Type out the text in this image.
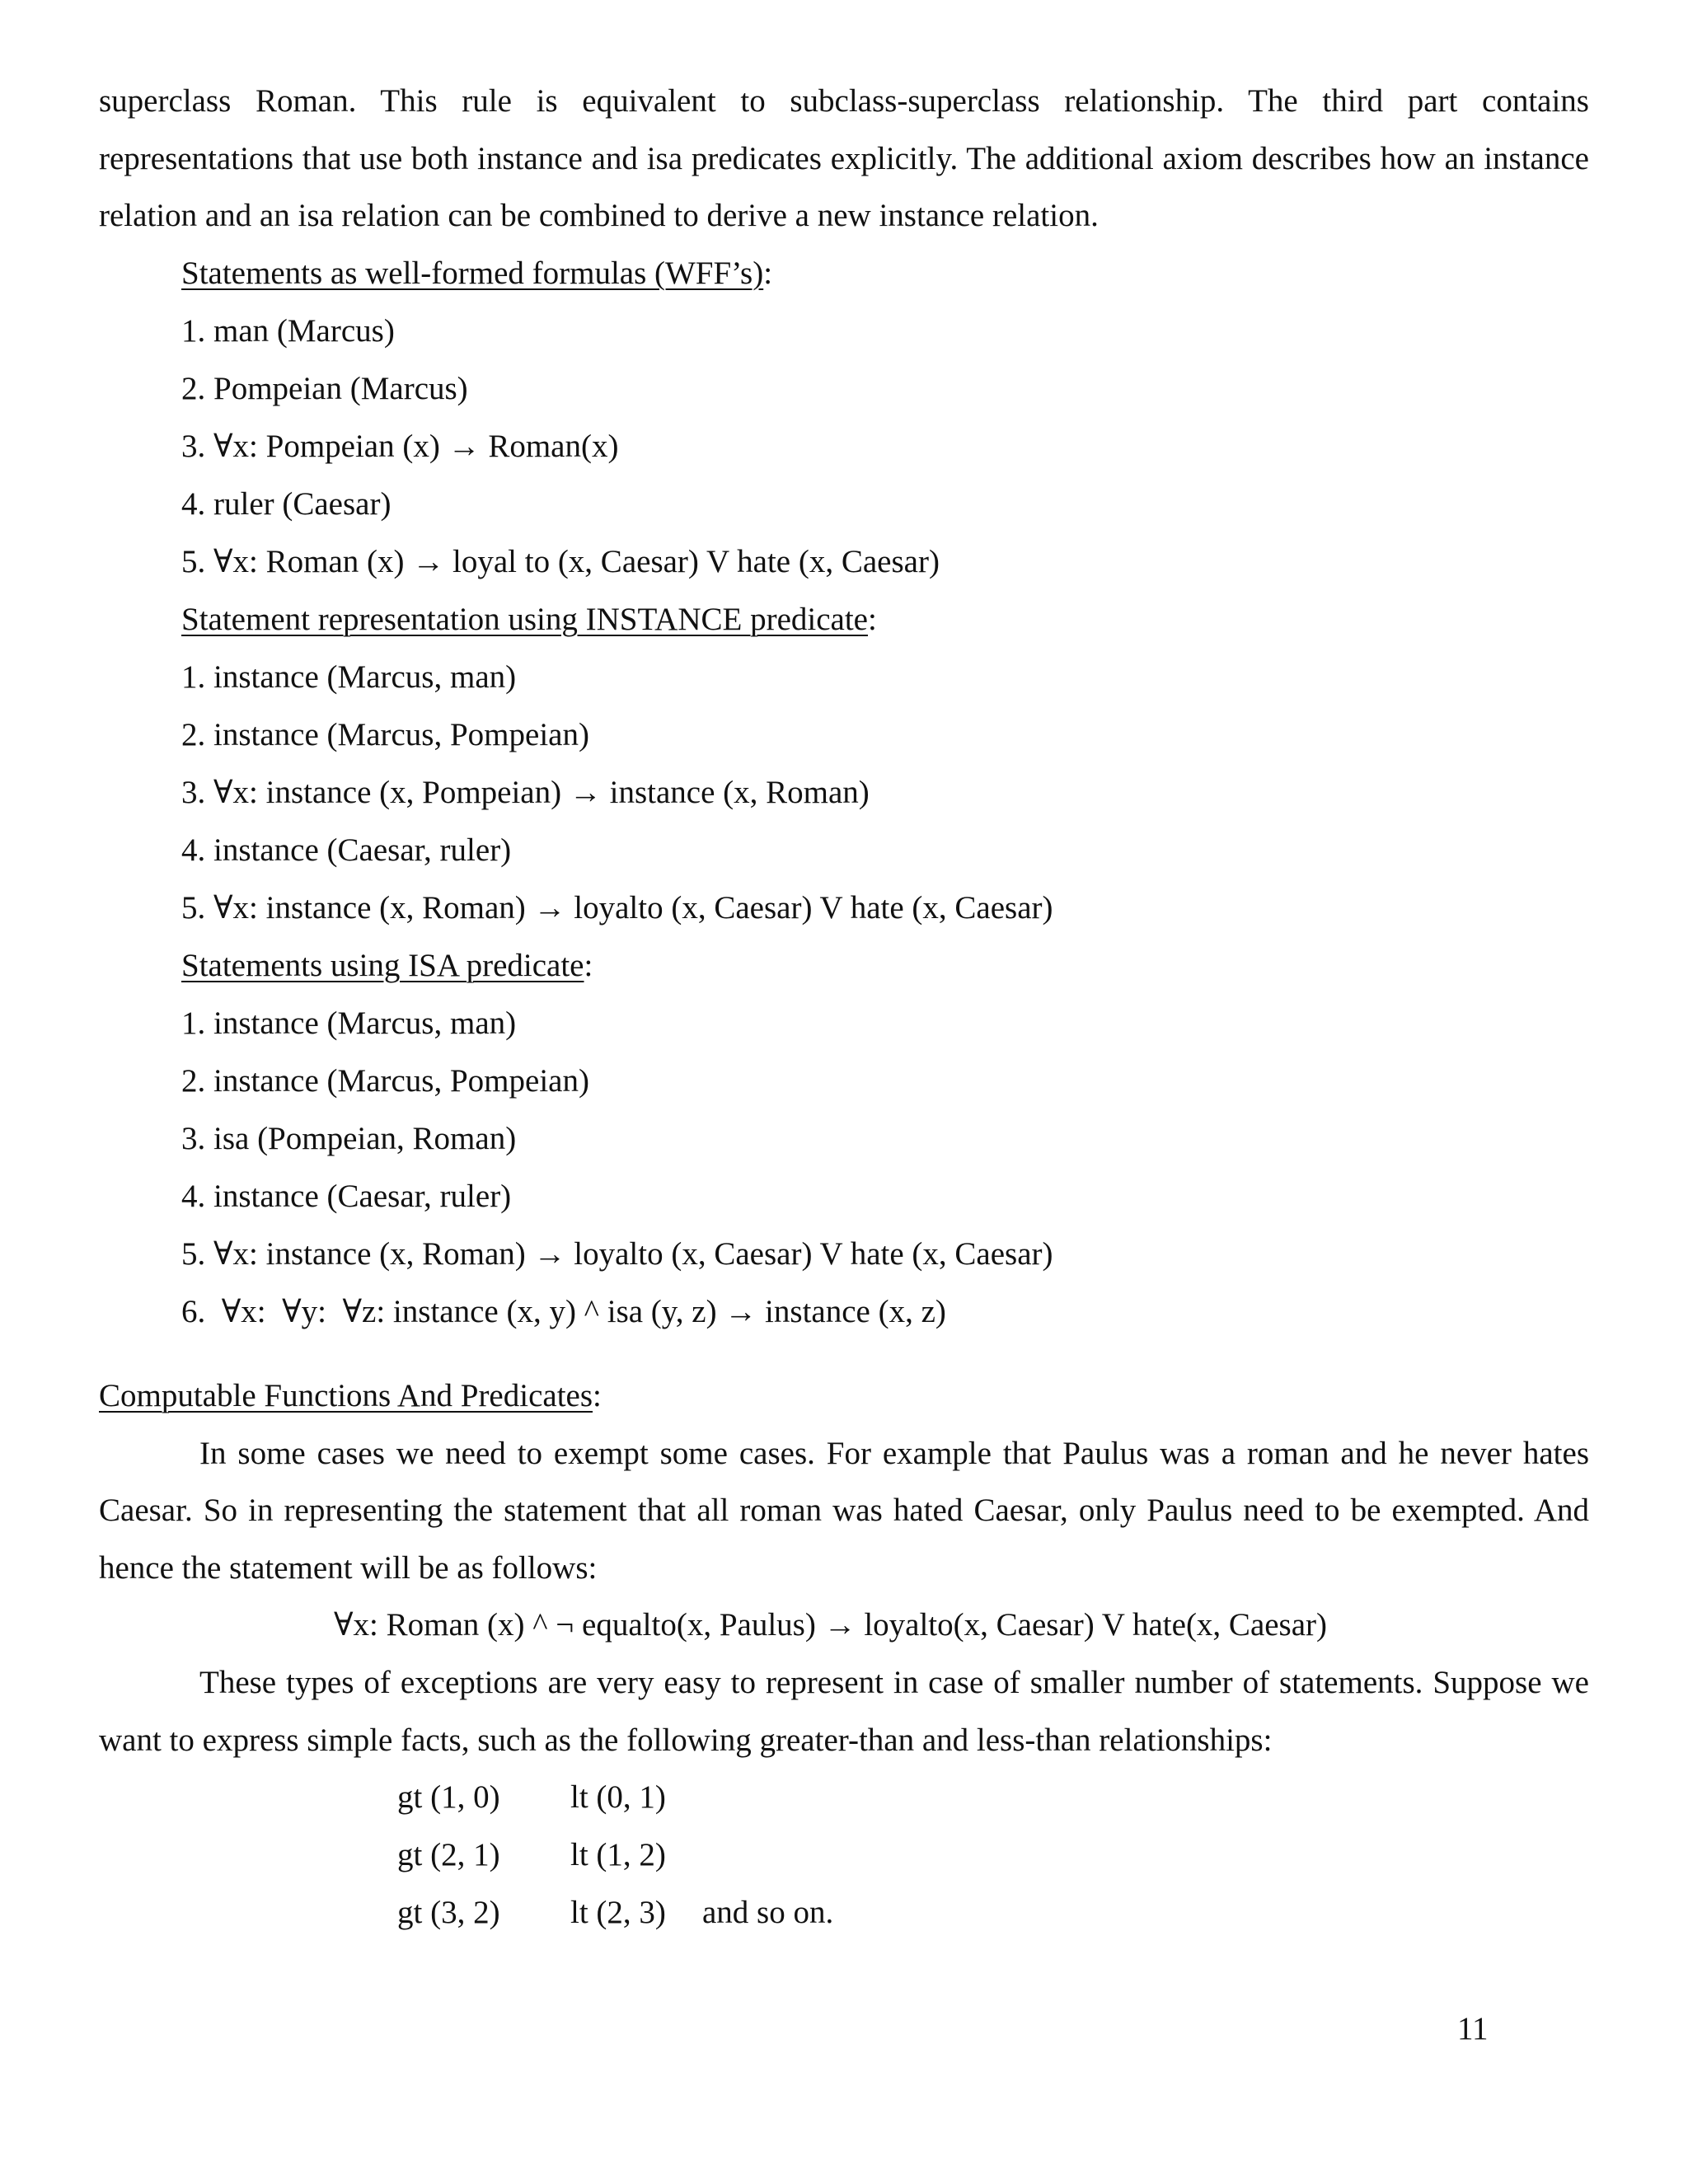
superclass Roman. This rule is equivalent to subclass-superclass relationship. The third part contains representations that use both instance and isa predicates explicitly. The additional axiom describes how an instance relation and an isa relation can be combined to derive a new instance relation.

Statements as well-formed formulas (WFF’s):
1. man (Marcus)
2. Pompeian (Marcus)
3. ∀x: Pompeian (x) → Roman(x)
4. ruler (Caesar)
5. ∀x: Roman (x) → loyal to (x, Caesar) V hate (x, Caesar)
Statement representation using INSTANCE predicate:
1. instance (Marcus, man)
2. instance (Marcus, Pompeian)
3. ∀x: instance (x, Pompeian) → instance (x, Roman)
4. instance (Caesar, ruler)
5. ∀x: instance (x, Roman) → loyalto (x, Caesar) V hate (x, Caesar)
Statements using ISA predicate:
1. instance (Marcus, man)
2. instance (Marcus, Pompeian)
3. isa (Pompeian, Roman)
4. instance (Caesar, ruler)
5. ∀x: instance (x, Roman) → loyalto (x, Caesar) V hate (x, Caesar)
6.  ∀x:  ∀y:  ∀z: instance (x, y) ^ isa (y, z) → instance (x, z)
Computable Functions And Predicates:

In some cases we need to exempt some cases. For example that Paulus was a roman and he never hates Caesar. So in representing the statement that all roman was hated Caesar, only Paulus need to be exempted. And hence the statement will be as follows:

∀x: Roman (x) ^ ¬ equalto(x, Paulus) → loyalto(x, Caesar) V hate(x, Caesar)

These types of exceptions are very easy to represent in case of smaller number of statements. Suppose we want to express simple facts, such as the following greater-than and less-than relationships:

gt (1, 0) lt (0, 1)
gt (2, 1) lt (1, 2)
gt (3, 2) lt (2, 3) and so on.
11
